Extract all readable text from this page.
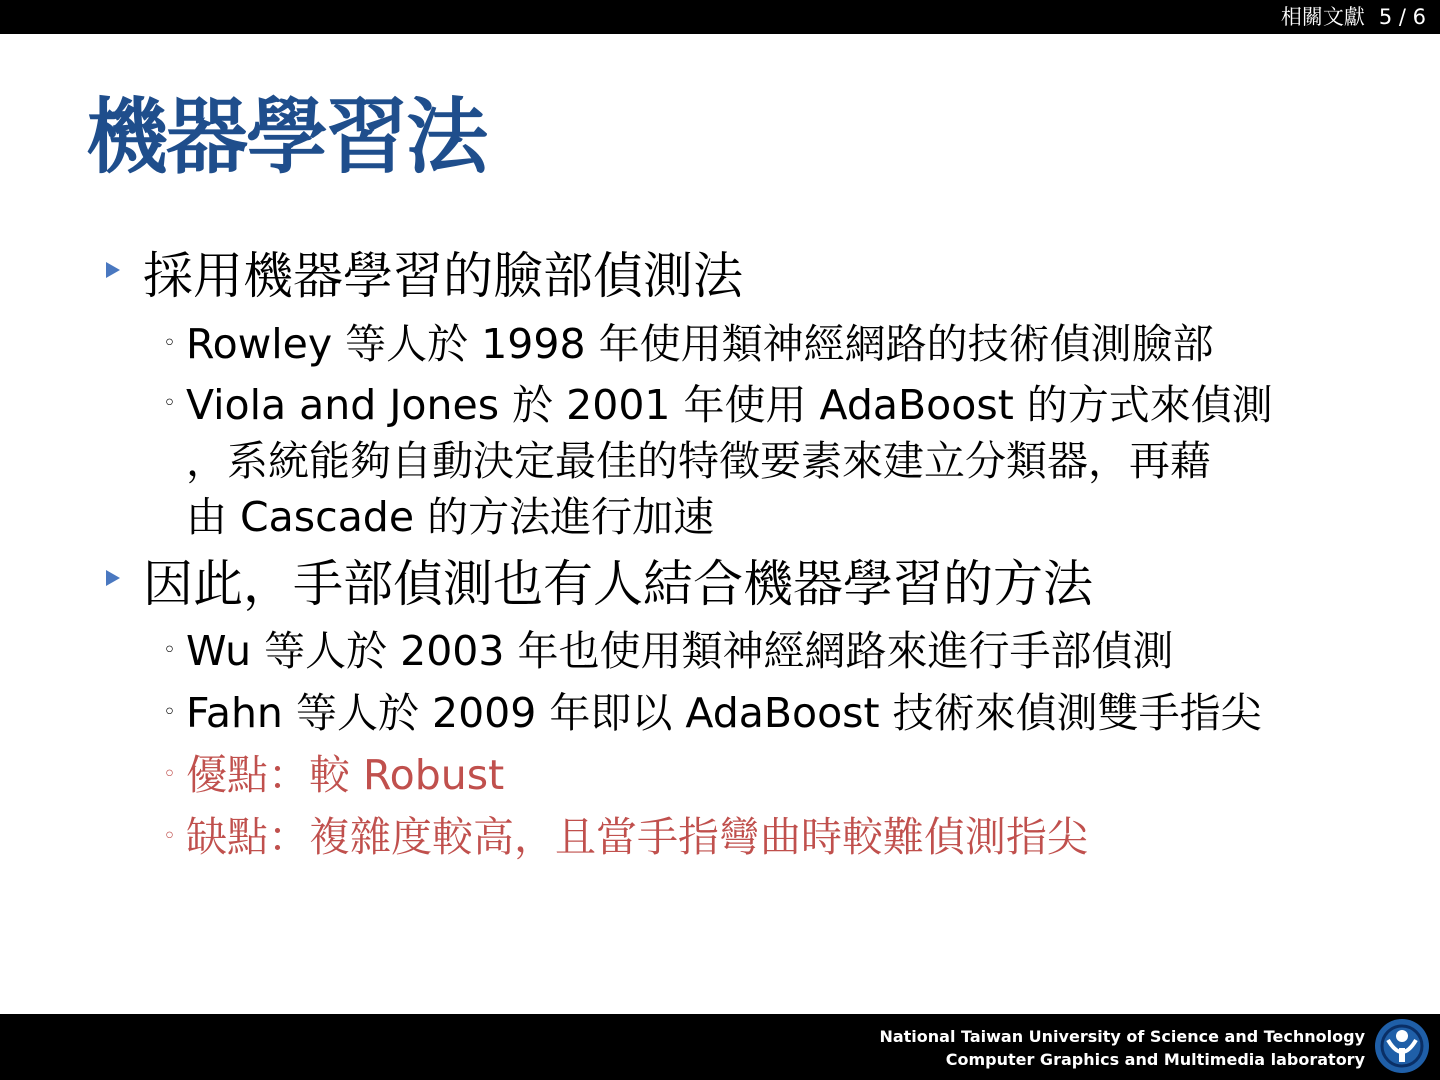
相關文獻 5 / 6
機器學習法
採用機器學習的臉部偵測法
◦ Rowley 等人於 1998 年使用類神經網路的技術偵測臉部
◦ Viola and Jones 於 2001 年使用 AdaBoost 的方式來偵測
，系統能夠自動決定最佳的特徵要素來建立分類器，再藉
由 Cascade 的方法進行加速
因此，手部偵測也有人結合機器學習的方法
◦ Wu 等人於 2003 年也使用類神經網路來進行手部偵測
◦ Fahn 等人於 2009 年即以 AdaBoost 技術來偵測雙手指尖
◦ 優點：較 Robust
◦ 缺點：複雜度較高，且當手指彎曲時較難偵測指尖
National Taiwan University of Science and Technology
Computer Graphics and Multimedia laboratory
